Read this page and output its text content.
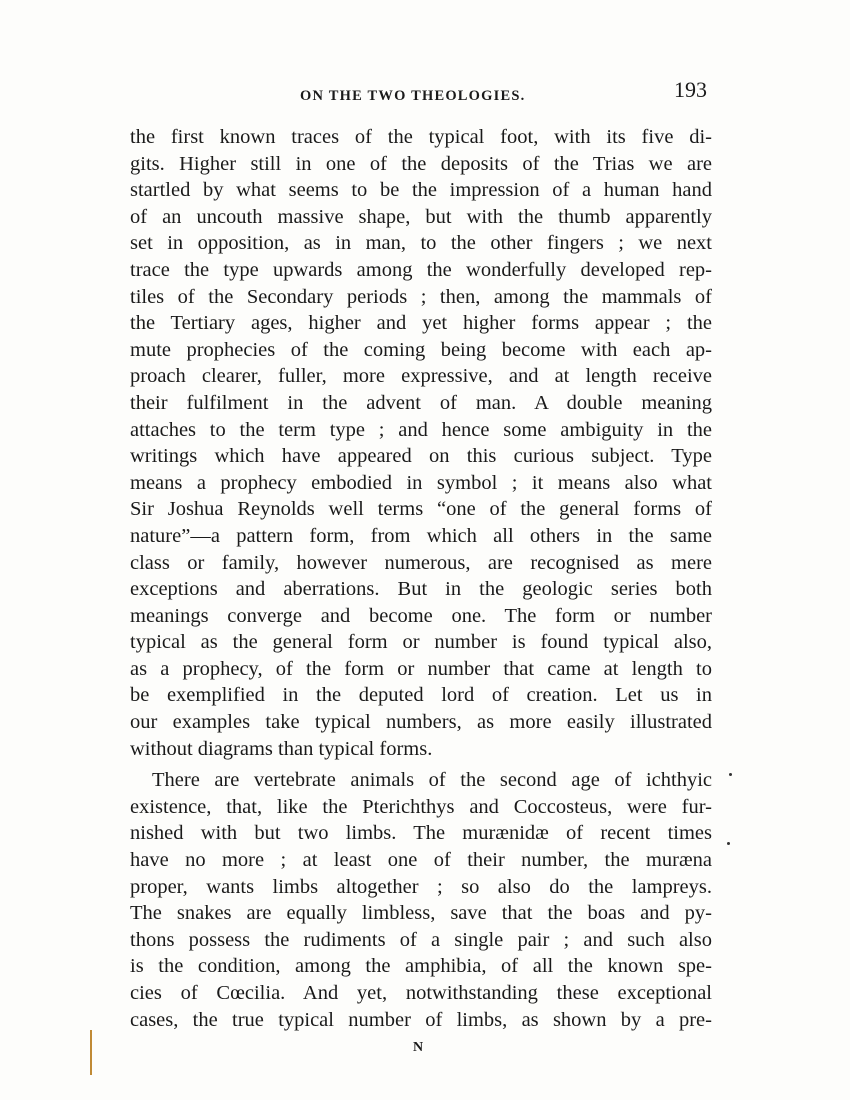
ON THE TWO THEOLOGIES.	193
the first known traces of the typical foot, with its five di-
gits. Higher still in one of the deposits of the Trias we are
startled by what seems to be the impression of a human hand
of an uncouth massive shape, but with the thumb apparently
set in opposition, as in man, to the other fingers ; we next
trace the type upwards among the wonderfully developed rep-
tiles of the Secondary periods ; then, among the mammals of
the Tertiary ages, higher and yet higher forms appear ; the
mute prophecies of the coming being become with each ap-
proach clearer, fuller, more expressive, and at length receive
their fulfilment in the advent of man. A double meaning
attaches to the term type ; and hence some ambiguity in the
writings which have appeared on this curious subject. Type
means a prophecy embodied in symbol ; it means also what
Sir Joshua Reynolds well terms “one of the general forms of
nature”—a pattern form, from which all others in the same
class or family, however numerous, are recognised as mere
exceptions and aberrations. But in the geologic series both
meanings converge and become one. The form or number
typical as the general form or number is found typical also,
as a prophecy, of the form or number that came at length to
be exemplified in the deputed lord of creation. Let us in
our examples take typical numbers, as more easily illustrated
without diagrams than typical forms.
There are vertebrate animals of the second age of ichthyic
existence, that, like the Pterichthys and Coccosteus, were fur-
nished with but two limbs. The murænidæ of recent times
have no more ; at least one of their number, the muræna
proper, wants limbs altogether ; so also do the lampreys.
The snakes are equally limbless, save that the boas and py-
thons possess the rudiments of a single pair ; and such also
is the condition, among the amphibia, of all the known spe-
cies of Cœcilia. And yet, notwithstanding these exceptional
cases, the true typical number of limbs, as shown by a pre-
N
